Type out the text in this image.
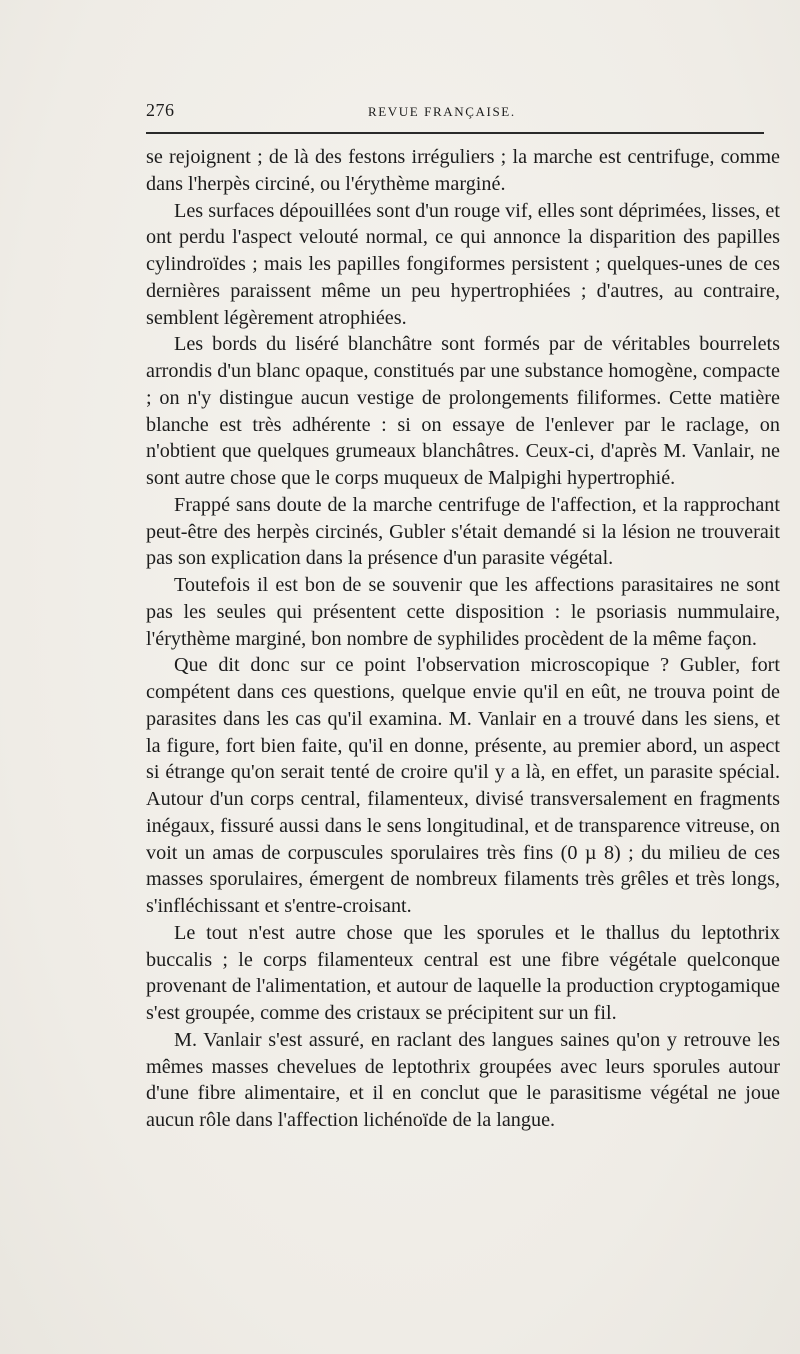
276	REVUE FRANÇAISE.

se rejoignent ; de là des festons irréguliers ; la marche est centrifuge, comme dans l'herpès circiné, ou l'érythème marginé.

Les surfaces dépouillées sont d'un rouge vif, elles sont déprimées, lisses, et ont perdu l'aspect velouté normal, ce qui annonce la disparition des papilles cylindroïdes ; mais les papilles fongiformes persistent ; quelques-unes de ces dernières paraissent même un peu hypertrophiées ; d'autres, au contraire, semblent légèrement atrophiées.

Les bords du liséré blanchâtre sont formés par de véritables bourrelets arrondis d'un blanc opaque, constitués par une substance homogène, compacte ; on n'y distingue aucun vestige de prolongements filiformes. Cette matière blanche est très adhérente : si on essaye de l'enlever par le raclage, on n'obtient que quelques grumeaux blanchâtres. Ceux-ci, d'après M. Vanlair, ne sont autre chose que le corps muqueux de Malpighi hypertrophié.

Frappé sans doute de la marche centrifuge de l'affection, et la rapprochant peut-être des herpès circinés, Gubler s'était demandé si la lésion ne trouverait pas son explication dans la présence d'un parasite végétal.

Toutefois il est bon de se souvenir que les affections parasitaires ne sont pas les seules qui présentent cette disposition : le psoriasis nummulaire, l'érythème marginé, bon nombre de syphilides procèdent de la même façon.

Que dit donc sur ce point l'observation microscopique ? Gubler, fort compétent dans ces questions, quelque envie qu'il en eût, ne trouva point de parasites dans les cas qu'il examina. M. Vanlair en a trouvé dans les siens, et la figure, fort bien faite, qu'il en donne, présente, au premier abord, un aspect si étrange qu'on serait tenté de croire qu'il y a là, en effet, un parasite spécial. Autour d'un corps central, filamenteux, divisé transversalement en fragments inégaux, fissuré aussi dans le sens longitudinal, et de transparence vitreuse, on voit un amas de corpuscules sporulaires très fins (0 µ 8) ; du milieu de ces masses sporulaires, émergent de nombreux filaments très grêles et très longs, s'infléchissant et s'entre-croisant.

Le tout n'est autre chose que les sporules et le thallus du leptothrix buccalis ; le corps filamenteux central est une fibre végétale quelconque provenant de l'alimentation, et autour de laquelle la production cryptogamique s'est groupée, comme des cristaux se précipitent sur un fil.

M. Vanlair s'est assuré, en raclant des langues saines qu'on y retrouve les mêmes masses chevelues de leptothrix groupées avec leurs sporules autour d'une fibre alimentaire, et il en conclut que le parasitisme végétal ne joue aucun rôle dans l'affection lichénoïde de la langue.
